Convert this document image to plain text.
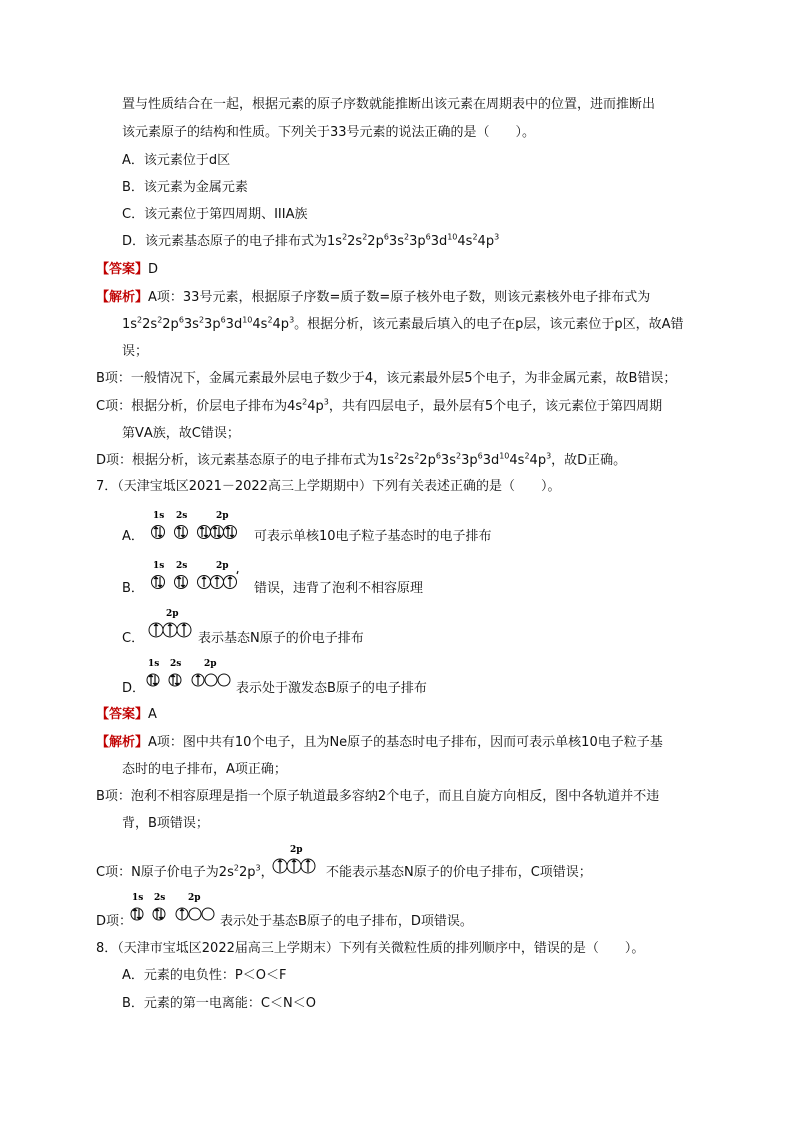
置与性质结合在一起，根据元素的原子序数就能推断出该元素在周期表中的位置，进而推断出
该元素原子的结构和性质。下列关于33号元素的说法正确的是（　　）。
A．该元素位于d区
B．该元素为金属元素
C．该元素位于第四周期、IIIA族
D．该元素基态原子的电子排布式为$1s^22s^22p^63s^23p^63d^{10}4s^24p^3$
【答案】D
【解析】A项：33号元素，根据原子序数=质子数=原子核外电子数，则该元素核外电子排布式为
$1s^22s^22p^63s^23p^63d^{10}4s^24p^3$。根据分析，该元素最后填入的电子在p层，该元素位于p区，故A错
误；
B项：一般情况下，金属元素最外层电子数少于4，该元素最外层5个电子，为非金属元素，故B错误；
C项：根据分析，价层电子排布为$4s^24p^3$，共有四层电子，最外层有5个电子，该元素位于第四周期
第ⅤA族，故C错误；
D项：根据分析，该元素基态原子的电子排布式为$1s^22s^22p^63s^23p^63d^{10}4s^24p^3$，故D正确。
7．（天津宝坻区2021－2022高三上学期期中）下列有关表述正确的是（　　）。
A．
1s 2s	2p
可表示单核10电子粒子基态时的电子排布
B．
1s 2s	2p
错误，违背了泡利不相容原理
C．
2p
表示基态N原子的价电子排布
D．
1s 2s	2p
表示处于激发态B原子的电子排布
【答案】A
【解析】A项：图中共有10个电子，且为Ne原子的基态时电子排布，因而可表示单核10电子粒子基
态时的电子排布，A项正确；
B项：泡利不相容原理是指一个原子轨道最多容纳2个电子，而且自旋方向相反，图中各轨道并不违
背，B项错误；
C项：N原子价电子为$2s^22p^3$，
2p
不能表示基态N原子的价电子排布，C项错误；
D项：
1s 2s	2p
表示处于基态B原子的电子排布，D项错误。
8．（天津市宝坻区2022届高三上学期末）下列有关微粒性质的排列顺序中，错误的是（　　）。
A．元素的电负性：P＜O＜F
B．元素的第一电离能：C＜N＜O
